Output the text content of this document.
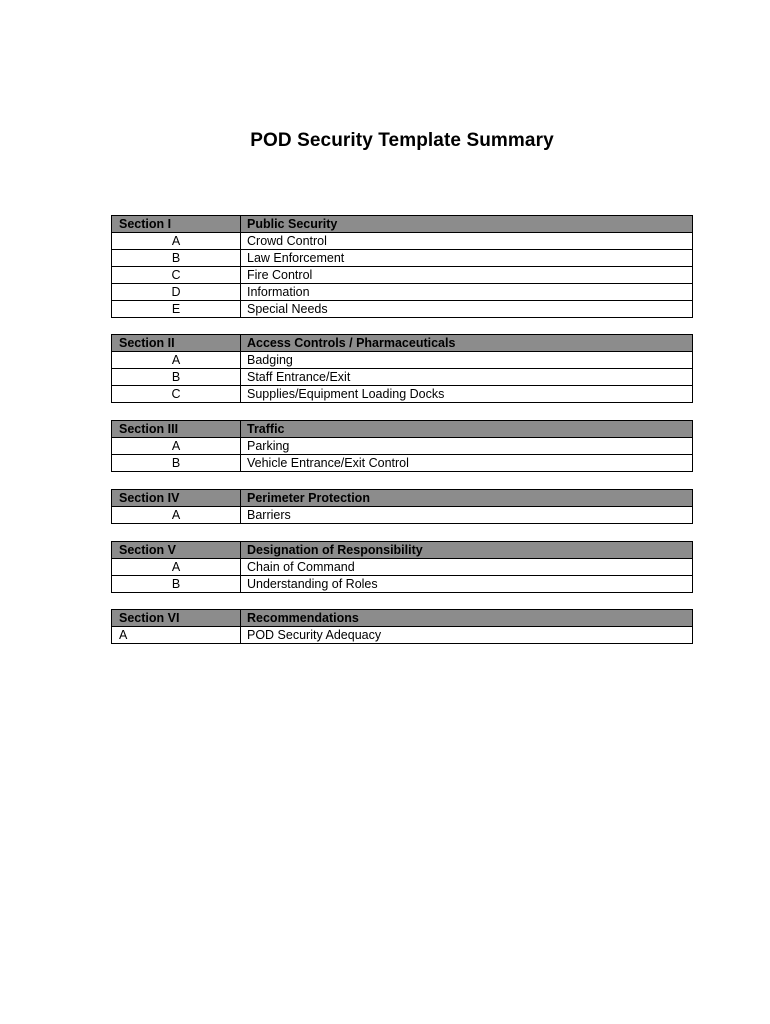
POD Security Template Summary
Section I	Public Security
A	Crowd Control
B	Law Enforcement
C	Fire Control
D	Information
E	Special Needs
Section II	Access Controls / Pharmaceuticals
A	Badging
B	Staff Entrance/Exit
C	Supplies/Equipment Loading Docks
Section III	Traffic
A	Parking
B	Vehicle Entrance/Exit Control
Section IV	Perimeter Protection
A	Barriers
Section V	Designation of Responsibility
A	Chain of Command
B	Understanding of Roles
Section VI	Recommendations
A	POD Security Adequacy
